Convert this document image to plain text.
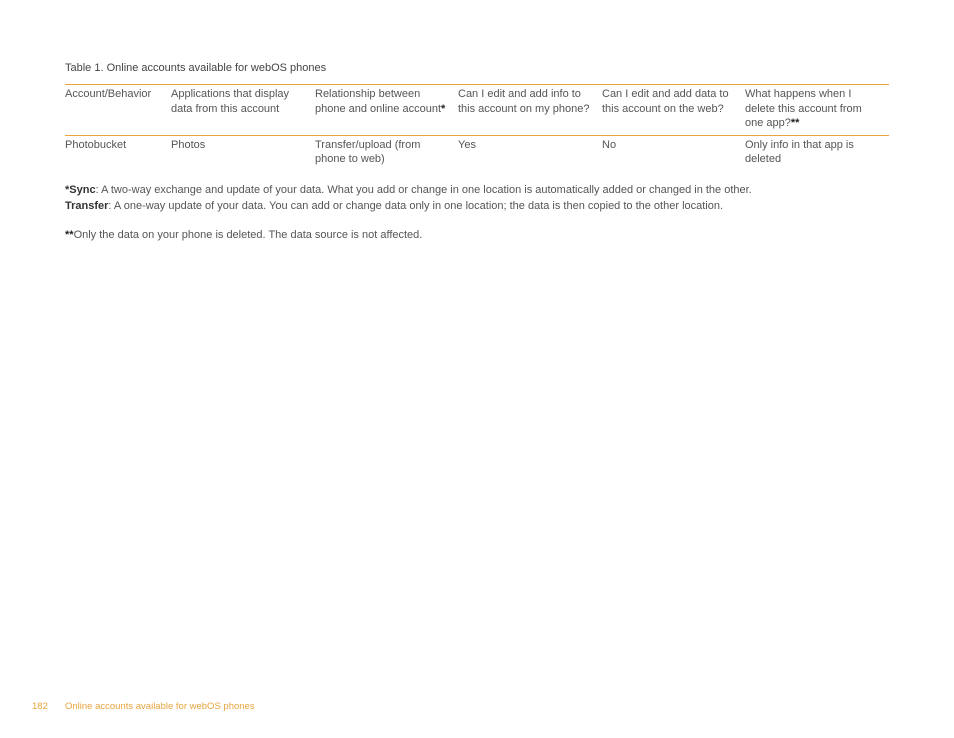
Table 1. Online accounts available for webOS phones
Account/Behavior	Applications that display data from this account	Relationship between phone and online account*	Can I edit and add info to this account on my phone?	Can I edit and add data to this account on the web?	What happens when I delete this account from one app?**
Photobucket	Photos	Transfer/upload (from phone to web)	Yes	No	Only info in that app is deleted
*Sync: A two-way exchange and update of your data. What you add or change in one location is automatically added or changed in the other.
Transfer: A one-way update of your data. You can add or change data only in one location; the data is then copied to the other location.
**Only the data on your phone is deleted. The data source is not affected.
182 Online accounts available for webOS phones
